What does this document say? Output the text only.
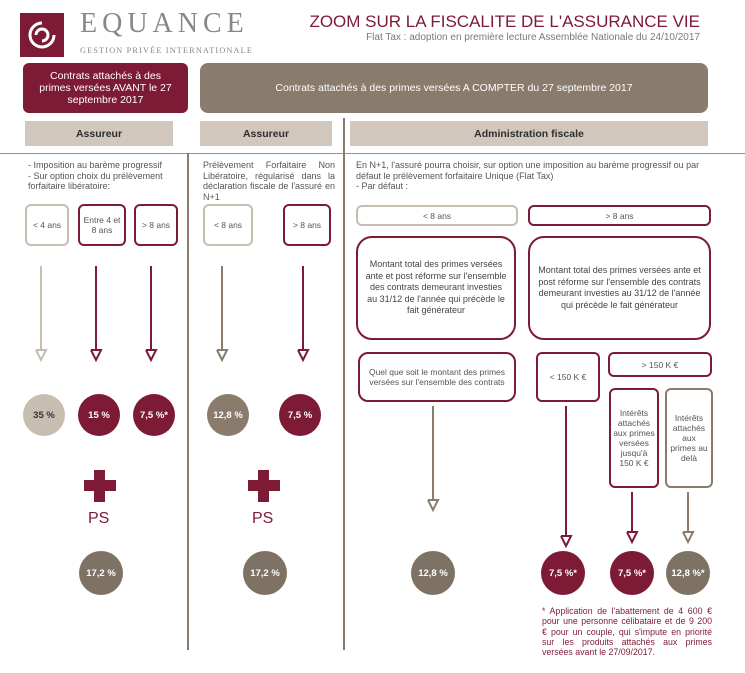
EQUANCE
GESTION PRIVÉE INTERNATIONALE
ZOOM SUR LA FISCALITE DE L'ASSURANCE VIE
Flat Tax : adoption en première lecture Assemblée Nationale du 24/10/2017
Contrats attachés à des primes versées AVANT le 27 septembre 2017
Contrats attachés à des primes versées A COMPTER du 27 septembre 2017
Assureur	Assureur	Administration fiscale
- Imposition au barème progressif
- Sur option choix du prélèvement forfaitaire libératoire:
Prélèvement Forfaitaire Non Libératoire, régularisé dans la déclaration fiscale de l'assuré en N+1
En N+1, l'assuré pourra choisir, sur option une imposition au barème progressif ou par défaut le prélèvement forfaitaire Unique (Flat Tax)
- Par défaut :
< 4 ans	Entre 4 et 8 ans	> 8 ans	< 8 ans	> 8 ans
< 8 ans	> 8 ans
Montant total des primes versées ante et post réforme sur l'ensemble des contrats demeurant investies au 31/12 de l'année qui précède le fait générateur
Montant total des primes versées ante et post réforme sur l'ensemble des contrats demeurant investies au 31/12 de l'année qui précède le fait générateur
Quel que soit le montant des primes versées sur l'ensemble des contrats	< 150 K €
> 150 K €
Intérêts attachés aux primes versées jusqu'à 150 K €
Intérêts attachés aux primes au delà
35 %	15 %	7,5 %*	12,8 %	7,5 %
PS	PS
17,2 %	17,2 %	12,8 %	7,5 %*	7,5 %*	12,8 %*
* Application de l'abattement de 4 600 € pour une personne célibataire et de 9 200 € pour un couple, qui s'impute en priorité sur les produits attachés aux primes versées avant le 27/09/2017.
